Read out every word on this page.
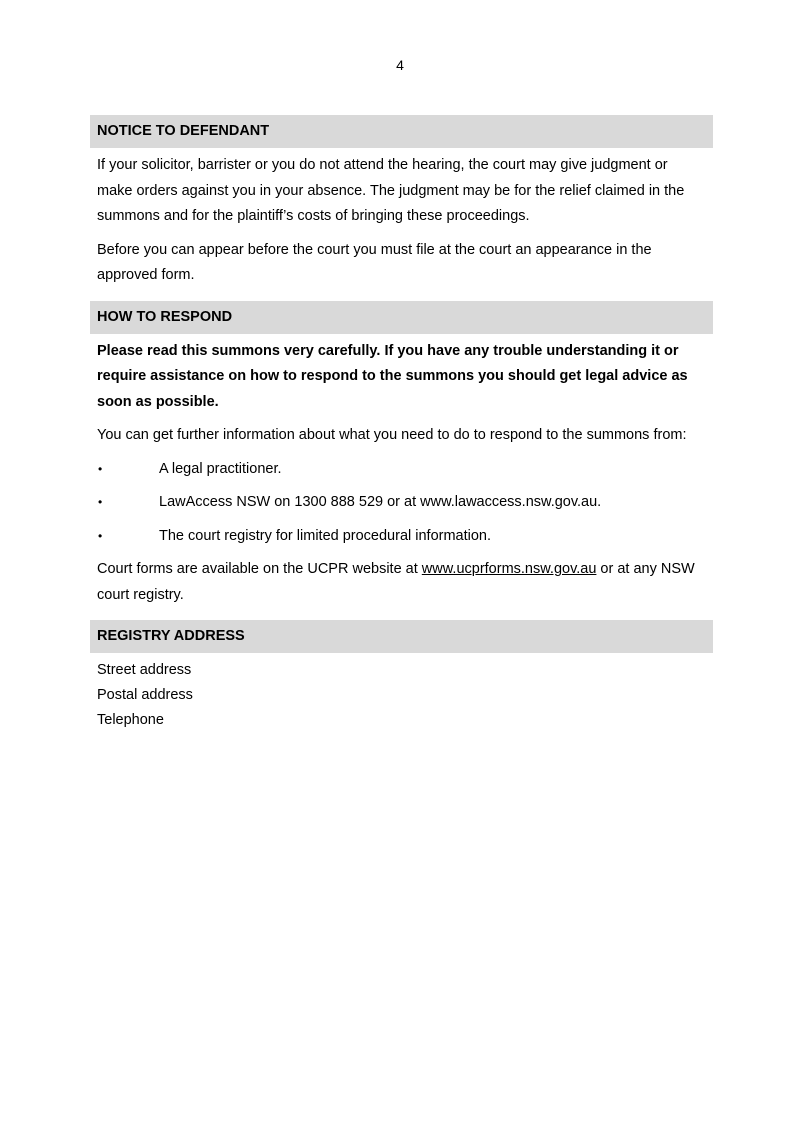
4
NOTICE TO DEFENDANT

If your solicitor, barrister or you do not attend the hearing, the court may give judgment or make orders against you in your absence. The judgment may be for the relief claimed in the summons and for the plaintiff’s costs of bringing these proceedings.

Before you can appear before the court you must file at the court an appearance in the approved form.

HOW TO RESPOND

Please read this summons very carefully. If you have any trouble understanding it or require assistance on how to respond to the summons you should get legal advice as soon as possible.

You can get further information about what you need to do to respond to the summons from:

•	A legal practitioner.
•	LawAccess NSW on 1300 888 529 or at www.lawaccess.nsw.gov.au.
•	The court registry for limited procedural information.

Court forms are available on the UCPR website at www.ucprforms.nsw.gov.au or at any NSW court registry.

REGISTRY ADDRESS

Street address

Postal address

Telephone
